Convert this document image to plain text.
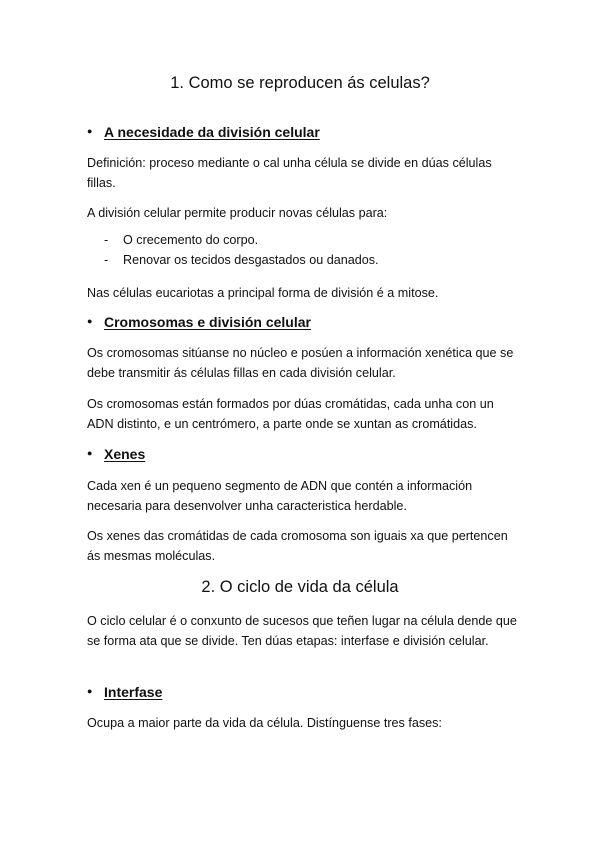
1. Como se reproducen ás celulas?
●
A necesidade da división celular
Definición: proceso mediante o cal unha célula se divide en dúas células fillas.
A división celular permite producir novas células para:
- O crecemento do corpo.
- Renovar os tecidos desgastados ou danados.
Nas células eucariotas a principal forma de división é a mitose.
●
Cromosomas e división celular
Os cromosomas sitúanse no núcleo e posúen a información xenética que se debe transmitir ás células fillas en cada división celular.
Os cromosomas están formados por dúas cromátidas, cada unha con un ADN distinto, e un centrómero, a parte onde se xuntan as cromátidas.
●
Xenes
Cada xen é un pequeno segmento de ADN que contén a información necesaria para desenvolver unha caracteristica herdable.
Os xenes das cromátidas de cada cromosoma son iguais xa que pertencen ás mesmas moléculas.
2. O ciclo de vida da célula
O ciclo celular é o conxunto de sucesos que teñen lugar na célula dende que se forma ata que se divide. Ten dúas etapas: interfase e división celular.
●
Interfase
Ocupa a maior parte da vida da célula. Distínguense tres fases:
